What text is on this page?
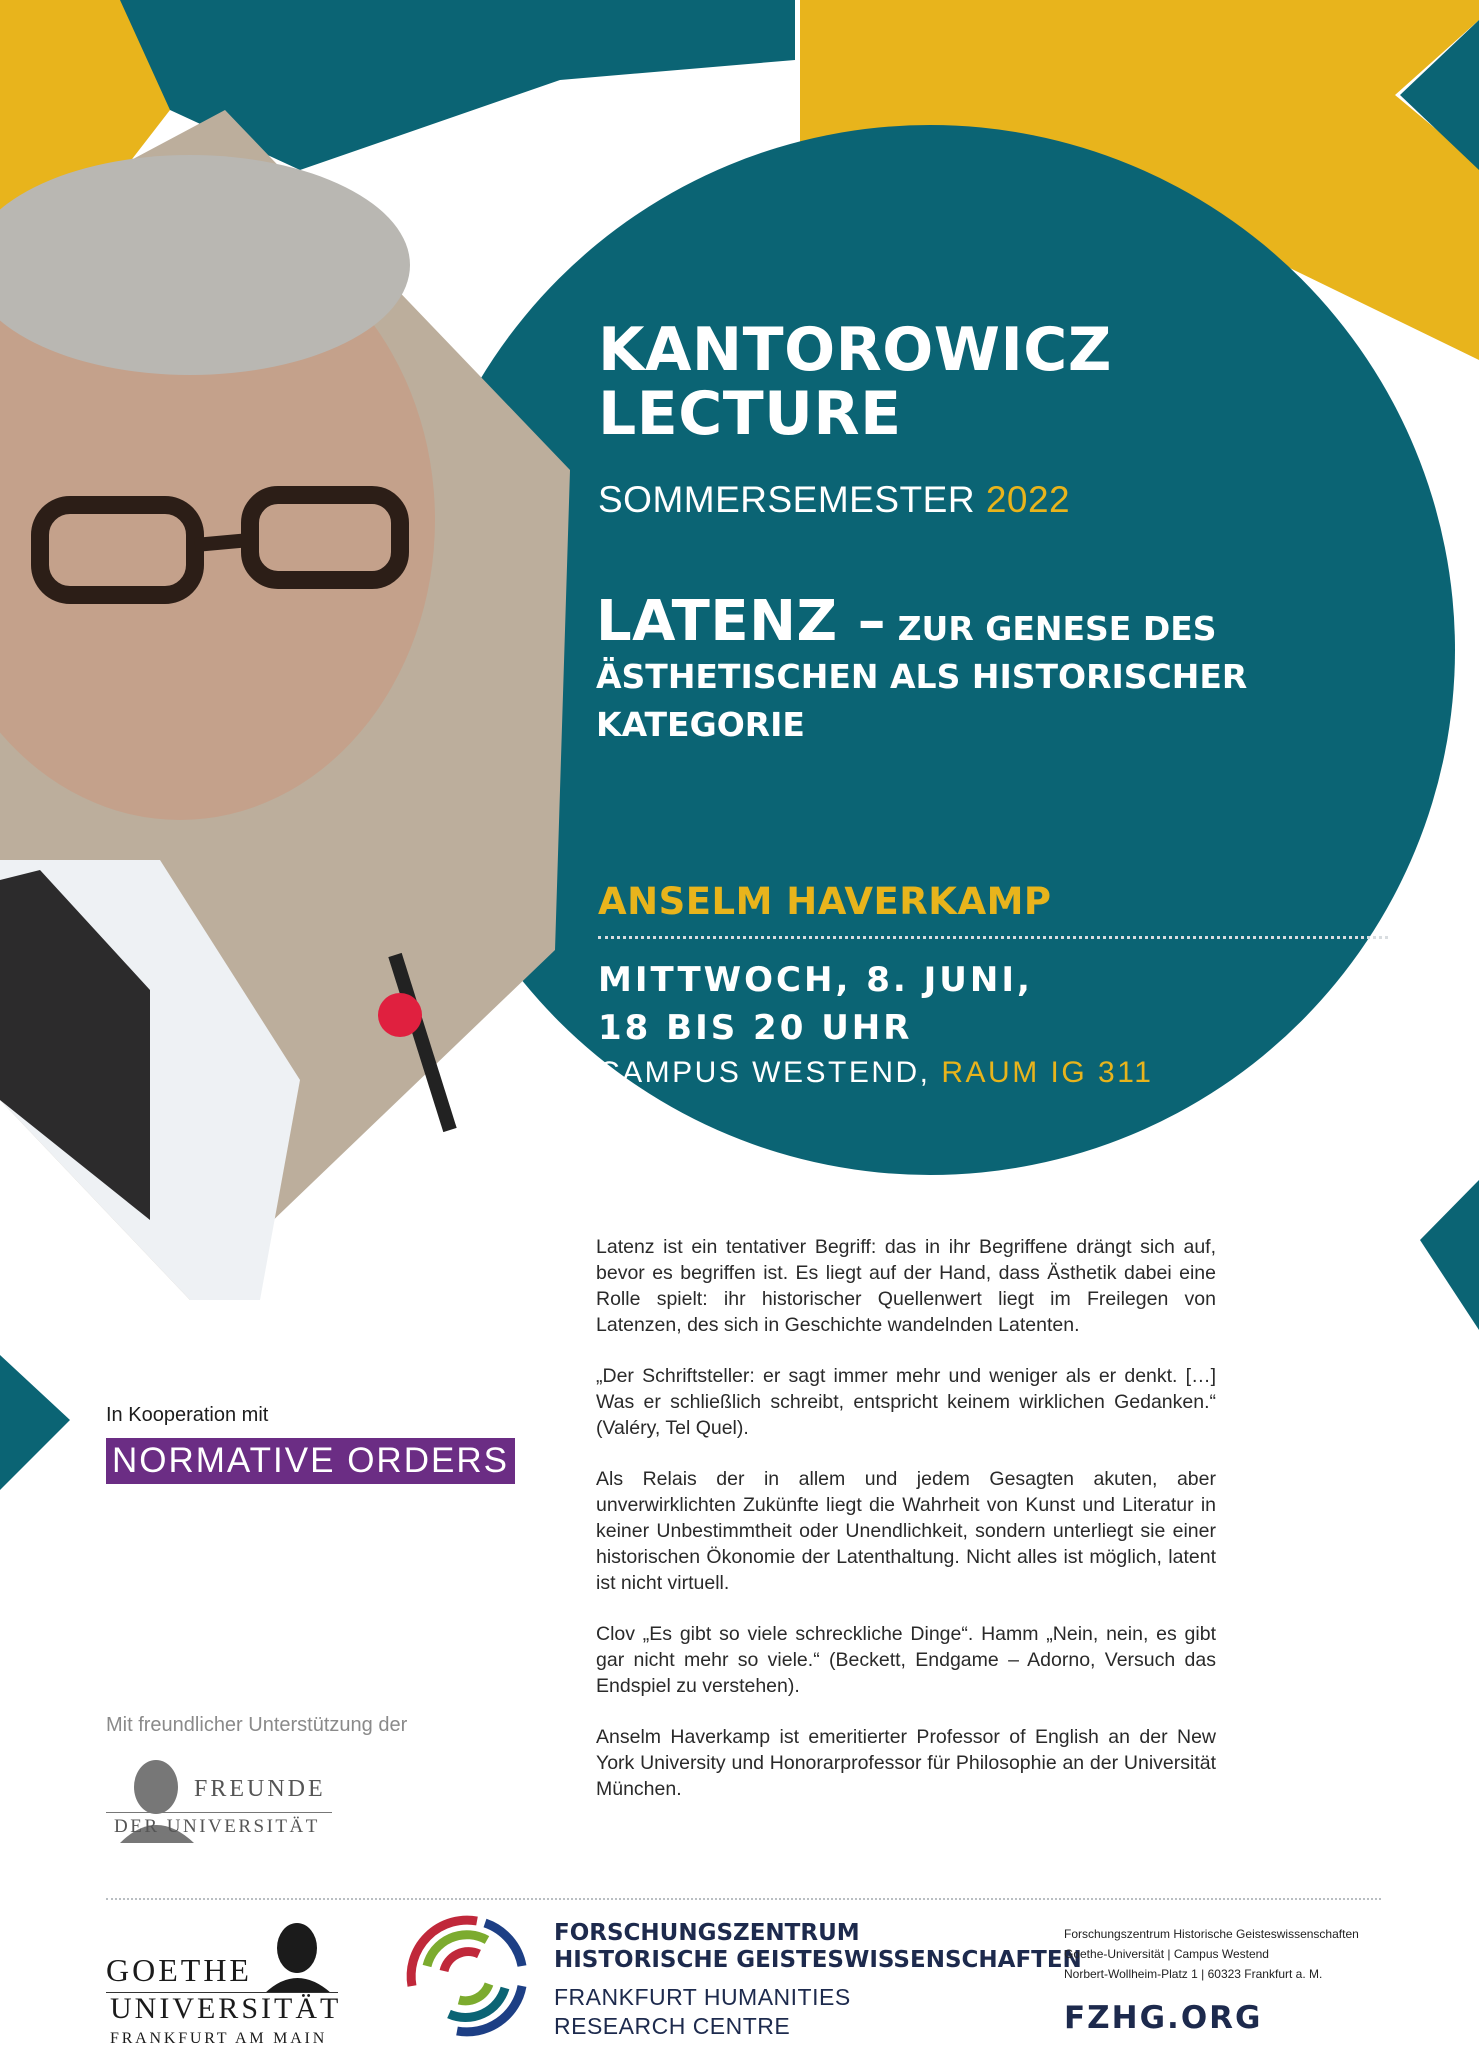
KANTOROWICZ
LECTURE
SOMMERSEMESTER 2022
LATENZ – ZUR GENESE DES
ÄSTHETISCHEN ALS HISTORISCHER
KATEGORIE
ANSELM HAVERKAMP
MITTWOCH, 8. JUNI,
18 BIS 20 UHR
CAMPUS WESTEND, RAUM IG 311

Latenz ist ein tentativer Begriff: das in ihr Begriffene drängt sich auf, bevor es begriffen ist. Es liegt auf der Hand, dass Ästhetik dabei eine Rolle spielt: ihr historischer Quellenwert liegt im Freilegen von Latenzen, des sich in Geschichte wandelnden Latenten.

„Der Schriftsteller: er sagt immer mehr und weniger als er denkt. […] Was er schließlich schreibt, entspricht keinem wirklichen Gedanken.“ (Valéry, Tel Quel).

Als Relais der in allem und jedem Gesagten akuten, aber unverwirklichten Zukünfte liegt die Wahrheit von Kunst und Literatur in keiner Unbestimmtheit oder Unendlichkeit, sondern unterliegt sie einer historischen Ökonomie der Latenthaltung. Nicht alles ist möglich, latent ist nicht virtuell.

Clov „Es gibt so viele schreckliche Dinge“. Hamm „Nein, nein, es gibt gar nicht mehr so viele.“ (Beckett, Endgame – Adorno, Versuch das Endspiel zu verstehen).

Anselm Haverkamp ist emeritierter Professor of English an der New York University und Honorarprofessor für Philosophie an der Universität München.

In Kooperation mit
NORMATIVE ORDERS
Mit freundlicher Unterstützung der
FREUNDE
DER UNIVERSITÄT
GOETHE
UNIVERSITÄT
FRANKFURT AM MAIN
FORSCHUNGSZENTRUM
HISTORISCHE GEISTESWISSENSCHAFTEN
FRANKFURT HUMANITIES
RESEARCH CENTRE
Forschungszentrum Historische Geisteswissenschaften
Goethe-Universität | Campus Westend
Norbert-Wollheim-Platz 1 | 60323 Frankfurt a. M.
FZHG.ORG
